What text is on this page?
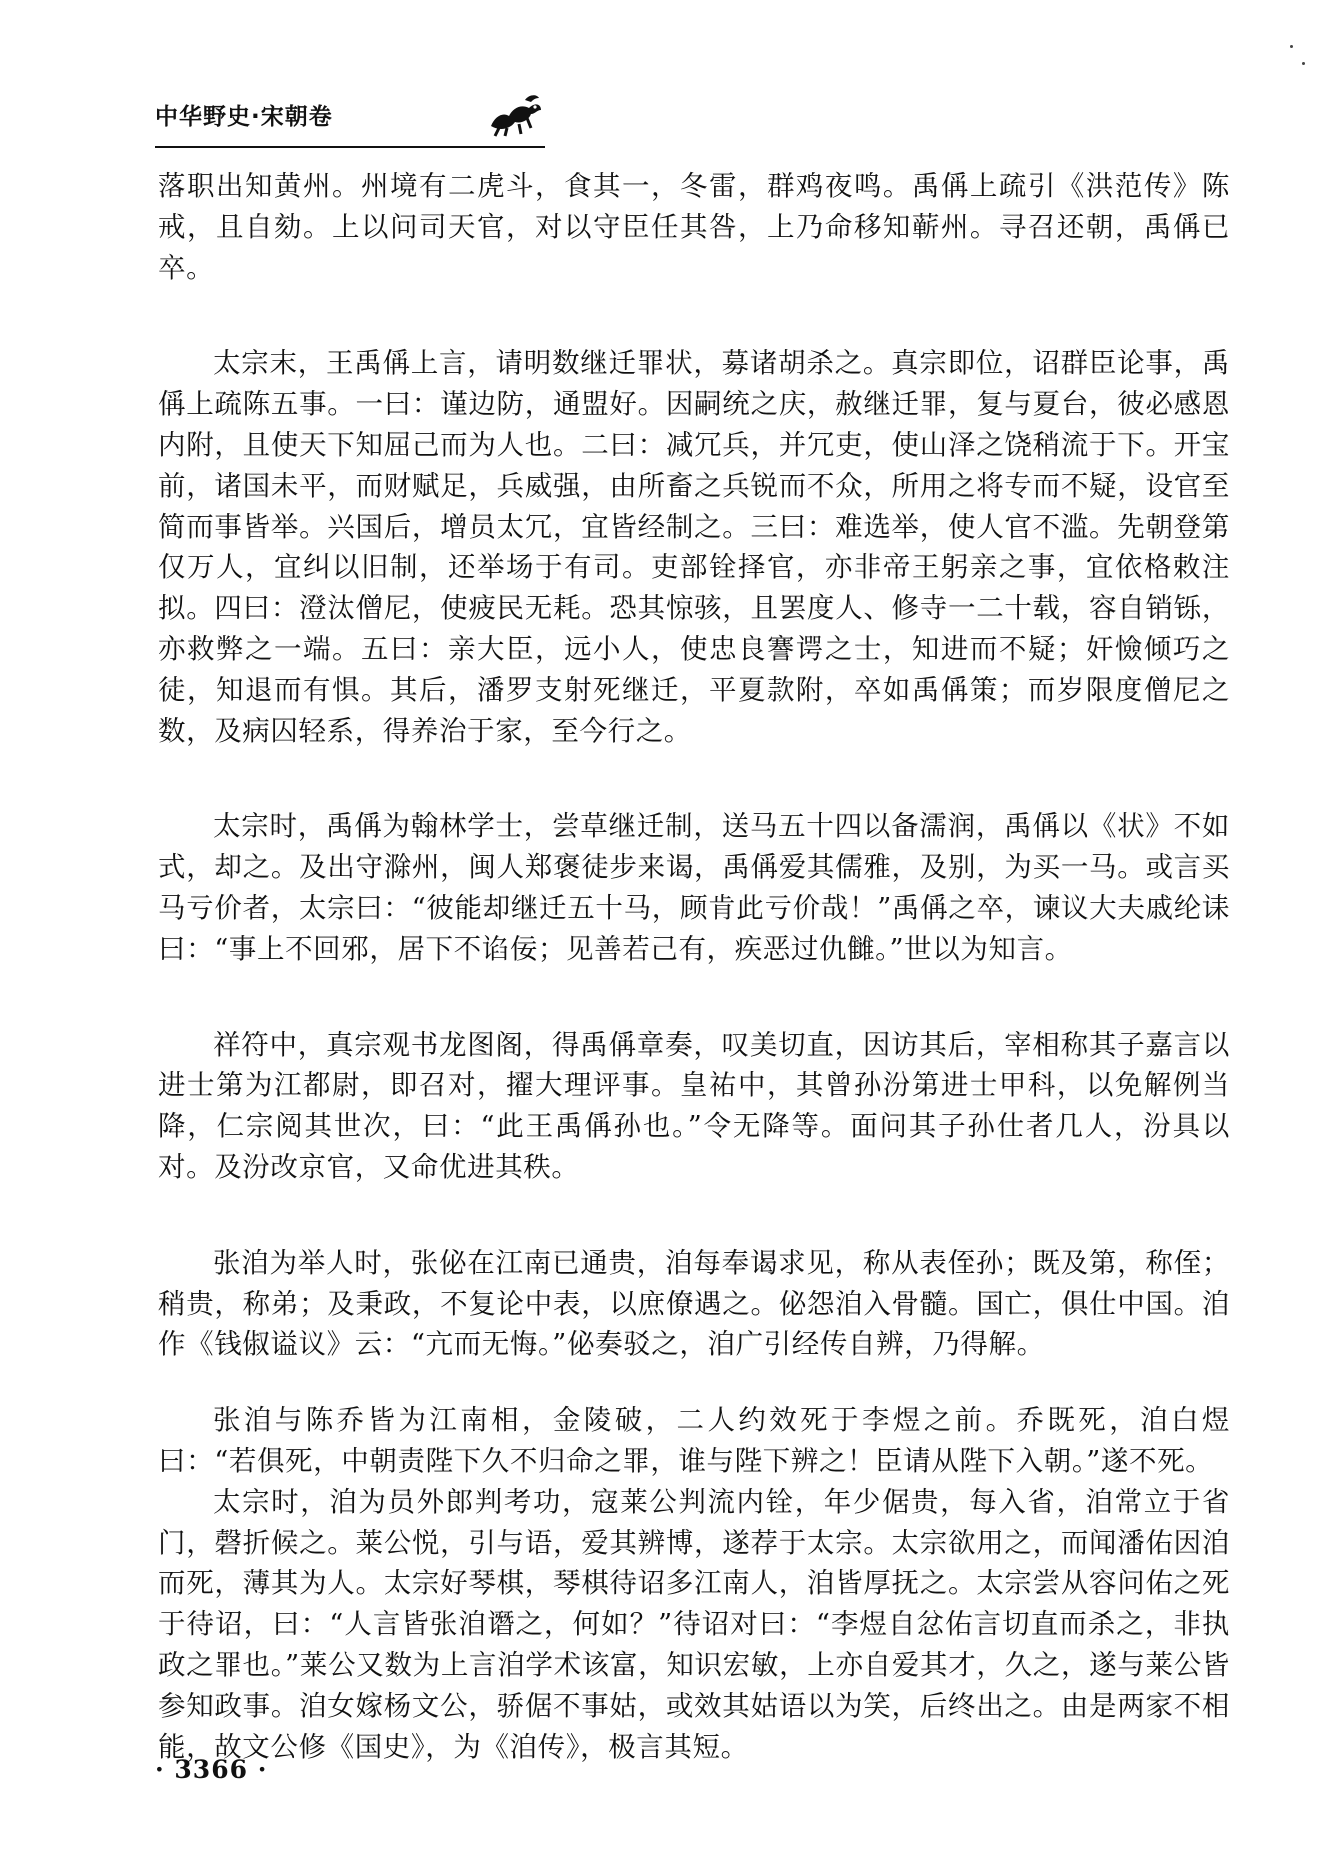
中华野史·宋朝卷

落职出知黄州。州境有二虎斗，食其一，冬雷，群鸡夜鸣。禹偁上疏引《洪范传》陈戒，且自劾。上以问司天官，对以守臣任其咎，上乃命移知蕲州。寻召还朝，禹偁已卒。

太宗末，王禹偁上言，请明数继迁罪状，募诸胡杀之。真宗即位，诏群臣论事，禹偁上疏陈五事。一曰：谨边防，通盟好。因嗣统之庆，赦继迁罪，复与夏台，彼必感恩内附，且使天下知屈己而为人也。二曰：减冗兵，并冗吏，使山泽之饶稍流于下。开宝前，诸国未平，而财赋足，兵威强，由所畜之兵锐而不众，所用之将专而不疑，设官至简而事皆举。兴国后，增员太冗，宜皆经制之。三曰：难选举，使人官不滥。先朝登第仅万人，宜纠以旧制，还举场于有司。吏部铨择官，亦非帝王躬亲之事，宜依格敕注拟。四曰：澄汰僧尼，使疲民无耗。恐其惊骇，且罢度人、修寺一二十载，容自销铄，亦救弊之一端。五曰：亲大臣，远小人，使忠良謇谔之士，知进而不疑；奸憸倾巧之徒，知退而有惧。其后，潘罗支射死继迁，平夏款附，卒如禹偁策；而岁限度僧尼之数，及病囚轻系，得养治于家，至今行之。

太宗时，禹偁为翰林学士，尝草继迁制，送马五十四以备濡润，禹偁以《状》不如式，却之。及出守滁州，闽人郑褒徒步来谒，禹偁爱其儒雅，及别，为买一马。或言买马亏价者，太宗曰：“彼能却继迁五十马，顾肯此亏价哉！”禹偁之卒，谏议大夫戚纶诔曰：“事上不回邪，居下不谄佞；见善若己有，疾恶过仇雠。”世以为知言。

祥符中，真宗观书龙图阁，得禹偁章奏，叹美切直，因访其后，宰相称其子嘉言以进士第为江都尉，即召对，擢大理评事。皇祐中，其曾孙汾第进士甲科，以免解例当降，仁宗阅其世次，曰：“此王禹偁孙也。”令无降等。面问其子孙仕者几人，汾具以对。及汾改京官，又命优进其秩。

张洎为举人时，张佖在江南已通贵，洎每奉谒求见，称从表侄孙；既及第，称侄；稍贵，称弟；及秉政，不复论中表，以庶僚遇之。佖怨洎入骨髓。国亡，俱仕中国。洎作《钱俶谥议》云：“亢而无悔。”佖奏驳之，洎广引经传自辨，乃得解。

张洎与陈乔皆为江南相，金陵破，二人约效死于李煜之前。乔既死，洎白煜曰：“若俱死，中朝责陛下久不归命之罪，谁与陛下辨之！臣请从陛下入朝。”遂不死。

太宗时，洎为员外郎判考功，寇莱公判流内铨，年少倨贵，每入省，洎常立于省门，磬折候之。莱公悦，引与语，爱其辨博，遂荐于太宗。太宗欲用之，而闻潘佑因洎而死，薄其为人。太宗好琴棋，琴棋待诏多江南人，洎皆厚抚之。太宗尝从容问佑之死于待诏，曰：“人言皆张洎谮之，何如？”待诏对曰：“李煜自忿佑言切直而杀之，非执政之罪也。”莱公又数为上言洎学术该富，知识宏敏，上亦自爱其才，久之，遂与莱公皆参知政事。洎女嫁杨文公，骄倨不事姑，或效其姑语以为笑，后终出之。由是两家不相能，故文公修《国史》，为《洎传》，极言其短。

· 3366 ·
